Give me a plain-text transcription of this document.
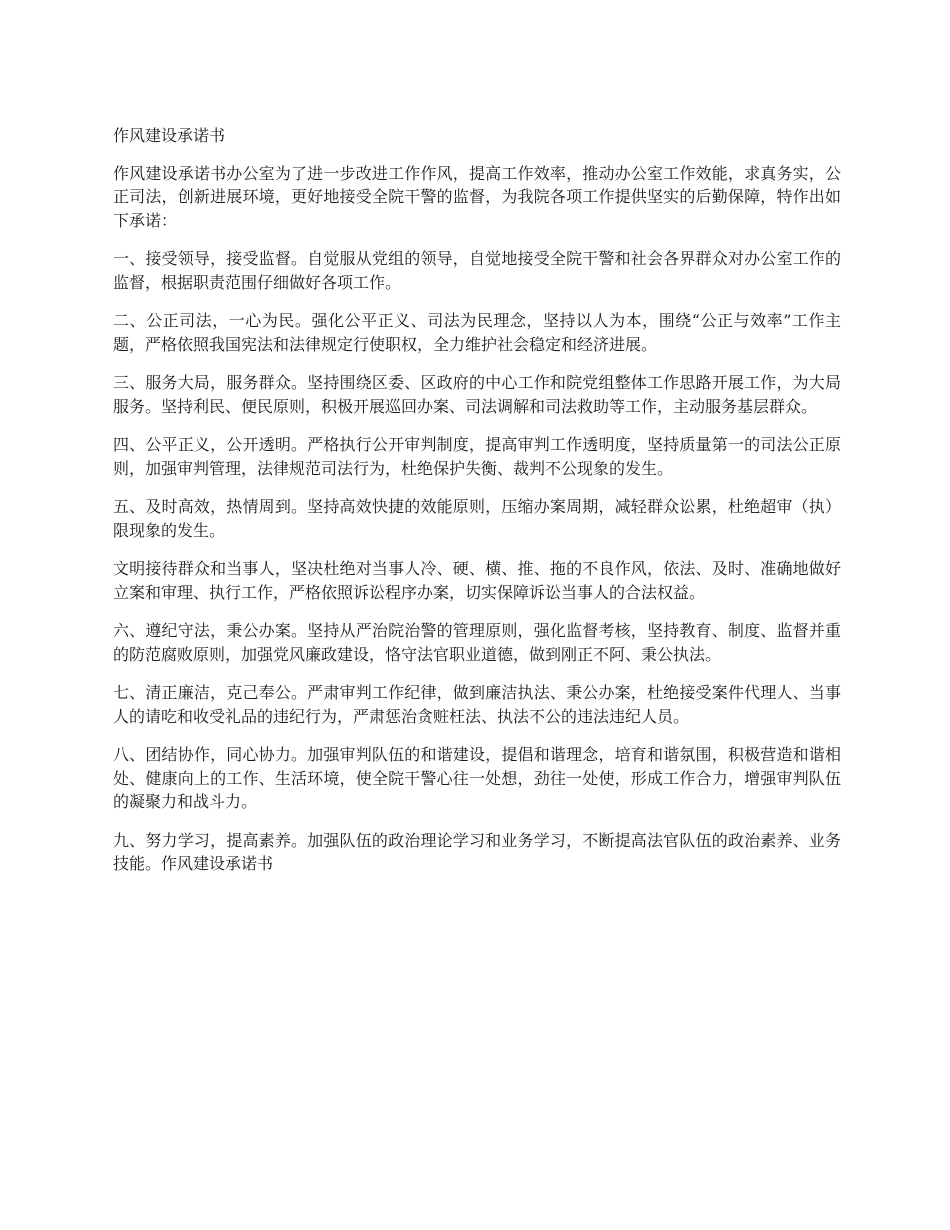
作风建设承诺书

作风建设承诺书办公室为了进一步改进工作作风，提高工作效率，推动办公室工作效能，求真务实，公正司法，创新进展环境，更好地接受全院干警的监督，为我院各项工作提供坚实的后勤保障，特作出如下承诺：

一、接受领导，接受监督。自觉服从党组的领导，自觉地接受全院干警和社会各界群众对办公室工作的监督，根据职责范围仔细做好各项工作。

二、公正司法，一心为民。强化公平正义、司法为民理念，坚持以人为本，围绕“公正与效率”工作主题，严格依照我国宪法和法律规定行使职权，全力维护社会稳定和经济进展。

三、服务大局，服务群众。坚持围绕区委、区政府的中心工作和院党组整体工作思路开展工作，为大局服务。坚持利民、便民原则，积极开展巡回办案、司法调解和司法救助等工作，主动服务基层群众。

四、公平正义，公开透明。严格执行公开审判制度，提高审判工作透明度，坚持质量第一的司法公正原则，加强审判管理，法律规范司法行为，杜绝保护失衡、裁判不公现象的发生。

五、及时高效，热情周到。坚持高效快捷的效能原则，压缩办案周期，减轻群众讼累，杜绝超审（执）限现象的发生。

文明接待群众和当事人，坚决杜绝对当事人冷、硬、横、推、拖的不良作风，依法、及时、准确地做好立案和审理、执行工作，严格依照诉讼程序办案，切实保障诉讼当事人的合法权益。

六、遵纪守法，秉公办案。坚持从严治院治警的管理原则，强化监督考核，坚持教育、制度、监督并重的防范腐败原则，加强党风廉政建设，恪守法官职业道德，做到刚正不阿、秉公执法。

七、清正廉洁，克己奉公。严肃审判工作纪律，做到廉洁执法、秉公办案，杜绝接受案件代理人、当事人的请吃和收受礼品的违纪行为，严肃惩治贪赃枉法、执法不公的违法违纪人员。

八、团结协作，同心协力。加强审判队伍的和谐建设，提倡和谐理念，培育和谐氛围，积极营造和谐相处、健康向上的工作、生活环境，使全院干警心往一处想，劲往一处使，形成工作合力，增强审判队伍的凝聚力和战斗力。

九、努力学习，提高素养。加强队伍的政治理论学习和业务学习，不断提高法官队伍的政治素养、业务技能。作风建设承诺书
